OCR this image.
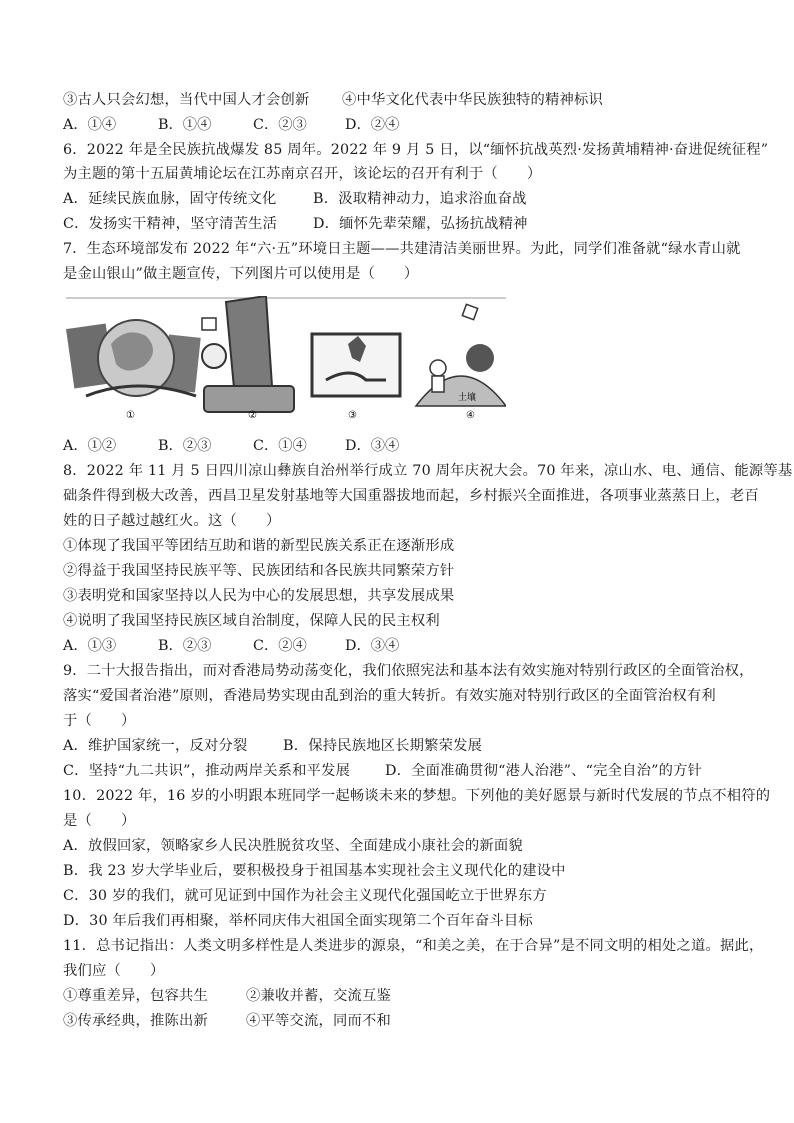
③古人只会幻想，当代中国人才会创新 ④中华文化代表中华民族独特的精神标识
A．①④	B．①④	C．②③	D．②④
6．2022 年是全民族抗战爆发 85 周年。2022 年 9 月 5 日，以“缅怀抗战英烈·发扬黄埔精神·奋进促统征程”
为主题的第十五届黄埔论坛在江苏南京召开，该论坛的召开有利于（　　）
A．延续民族血脉，固守传统文化	B．汲取精神动力，追求浴血奋战
C．发扬实干精神，坚守清苦生活	D．缅怀先辈荣耀，弘扬抗战精神
7．生态环境部发布 2022 年“六·五”环境日主题——共建清洁美丽世界。为此，同学们准备就“绿水青山就
是金山银山”做主题宣传，下列图片可以使用是（　　）
①	②	③
土壤
④
A．①②	B．②③	C．①④	D．③④
8．2022 年 11 月 5 日四川凉山彝族自治州举行成立 70 周年庆祝大会。70 年来，凉山水、电、通信、能源等基
础条件得到极大改善，西昌卫星发射基地等大国重器拔地而起，乡村振兴全面推进，各项事业蒸蒸日上，老百
姓的日子越过越红火。这（　　）
①体现了我国平等团结互助和谐的新型民族关系正在逐渐形成
②得益于我国坚持民族平等、民族团结和各民族共同繁荣方针
③表明党和国家坚持以人民为中心的发展思想，共享发展成果
④说明了我国坚持民族区域自治制度，保障人民的民主权利
A．①③	B．②③	C．②④	D．③④
9．二十大报告指出，而对香港局势动荡变化，我们依照宪法和基本法有效实施对特别行政区的全面管治权，
落实“爱国者治港”原则，香港局势实现由乱到治的重大转折。有效实施对特别行政区的全面管治权有利
于（　　）
A．维护国家统一，反对分裂 B．保持民族地区长期繁荣发展
C．坚持“九二共识”，推动两岸关系和平发展 D．全面准确贯彻“港人治港”、“完全自治”的方针
10．2022 年，16 岁的小明跟本班同学一起畅谈未来的梦想。下列他的美好愿景与新时代发展的节点不相符的
是（　　）
A．放假回家，领略家乡人民决胜脱贫攻坚、全面建成小康社会的新面貌
B．我 23 岁大学毕业后，要积极投身于祖国基本实现社会主义现代化的建设中
C．30 岁的我们，就可见证到中国作为社会主义现代化强国屹立于世界东方
D．30 年后我们再相聚，举杯同庆伟大祖国全面实现第二个百年奋斗目标
11．总书记指出：人类文明多样性是人类进步的源泉，“和美之美，在于合异”是不同文明的相处之道。据此，
我们应（　　）
①尊重差异，包容共生	②兼收并蓄，交流互鉴
③传承经典，推陈出新	④平等交流，同而不和
